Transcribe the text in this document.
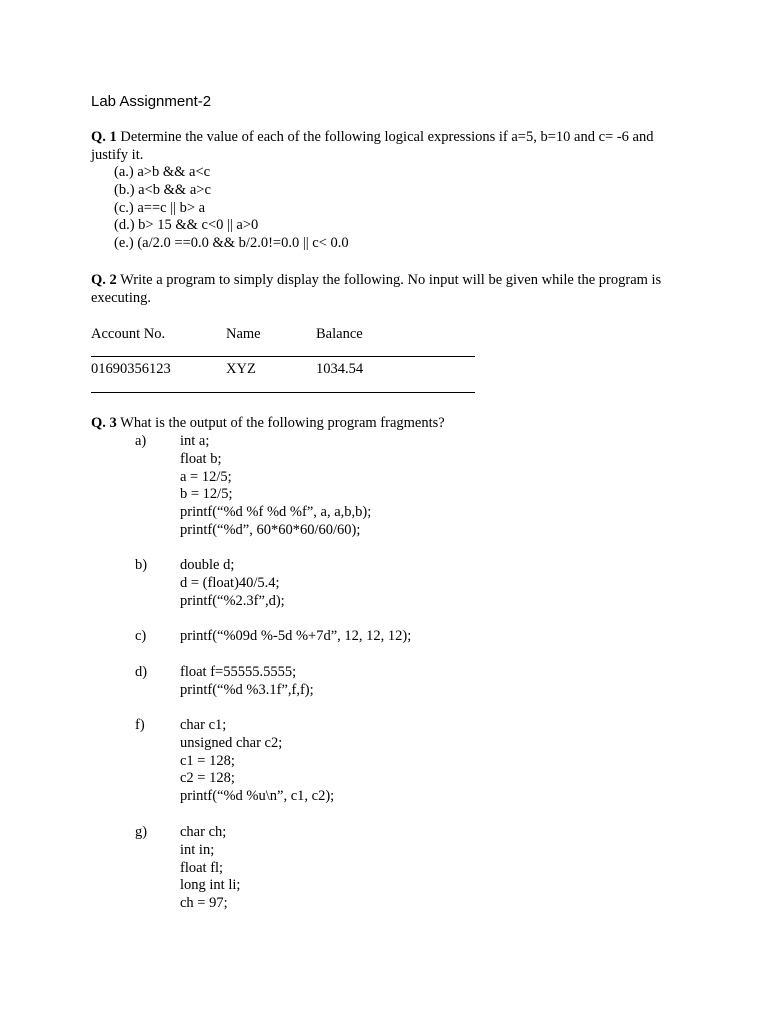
Lab Assignment-2
Q. 1 Determine the value of each of the following logical expressions if a=5, b=10 and c= -6 and justify it.
(a.) a>b && a<c
(b.) a<b && a>c
(c.) a==c || b> a
(d.) b> 15 && c<0 || a>0
(e.) (a/2.0 ==0.0 && b/2.0!=0.0 || c< 0.0
Q. 2 Write a program to simply display the following. No input will be given while the program is executing.
Account No.	Name	Balance
01690356123	XYZ	1034.54
Q. 3 What is the output of the following program fragments?
a) int a;
float b;
a = 12/5;
b = 12/5;
printf(“%d %f %d %f”, a, a,b,b);
printf(“%d”, 60*60*60/60/60);
b) double d;
d = (float)40/5.4;
printf(“%2.3f”,d);
c) printf(“%09d %-5d %+7d”, 12, 12, 12);
d) float f=55555.5555;
printf(“%d %3.1f”,f,f);
f) char c1;
unsigned char c2;
c1 = 128;
c2 = 128;
printf(“%d %u\n”, c1, c2);
g) char ch;
int in;
float fl;
long int li;
ch = 97;
